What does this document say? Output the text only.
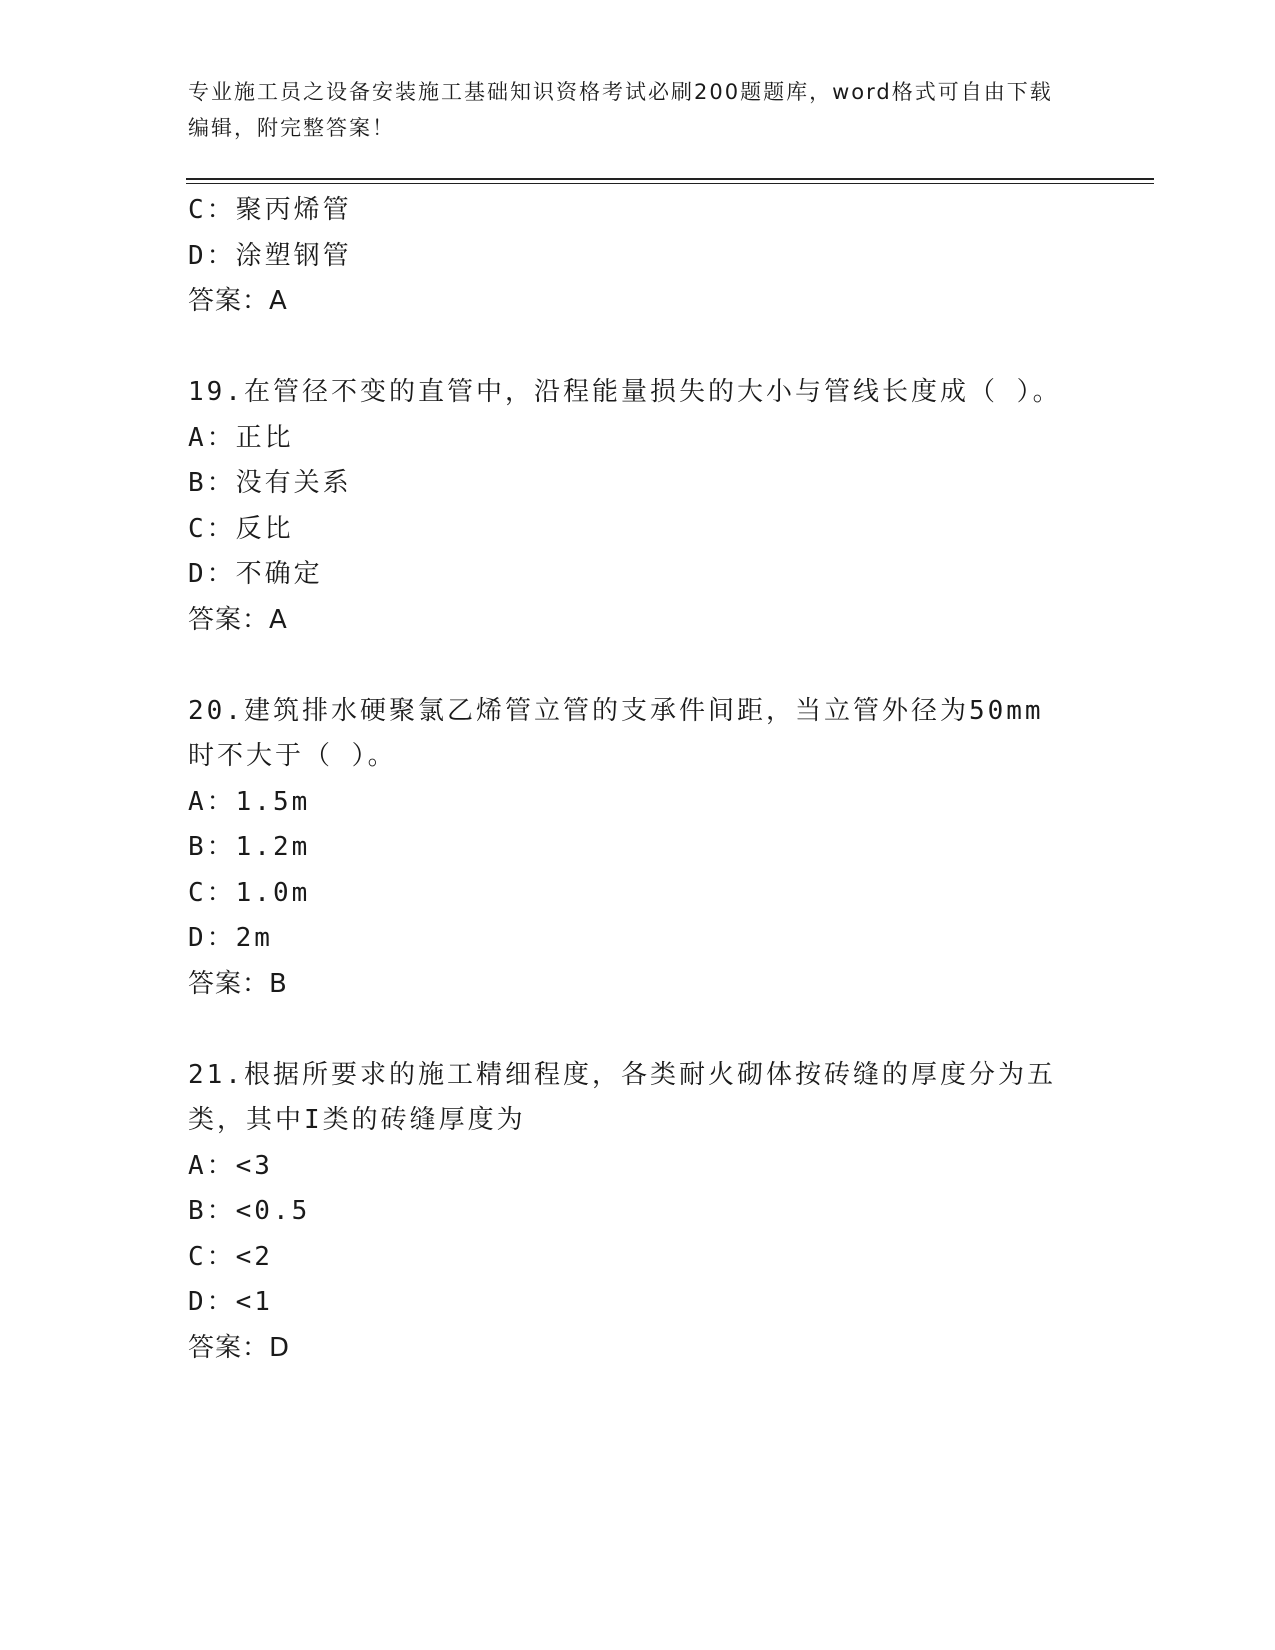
专业施工员之设备安装施工基础知识资格考试必刷200题题库，word格式可自由下载编辑，附完整答案！
C：聚丙烯管
D：涂塑钢管
答案：A
19.在管径不变的直管中，沿程能量损失的大小与管线长度成（ ）。
A：正比
B：没有关系
C：反比
D：不确定
答案：A
20.建筑排水硬聚氯乙烯管立管的支承件间距，当立管外径为50mm时不大于（ ）。
A：1.5m
B：1.2m
C：1.0m
D：2m
答案：B
21.根据所要求的施工精细程度，各类耐火砌体按砖缝的厚度分为五类，其中I类的砖缝厚度为
A：<3
B：<0.5
C：<2
D：<1
答案：D
